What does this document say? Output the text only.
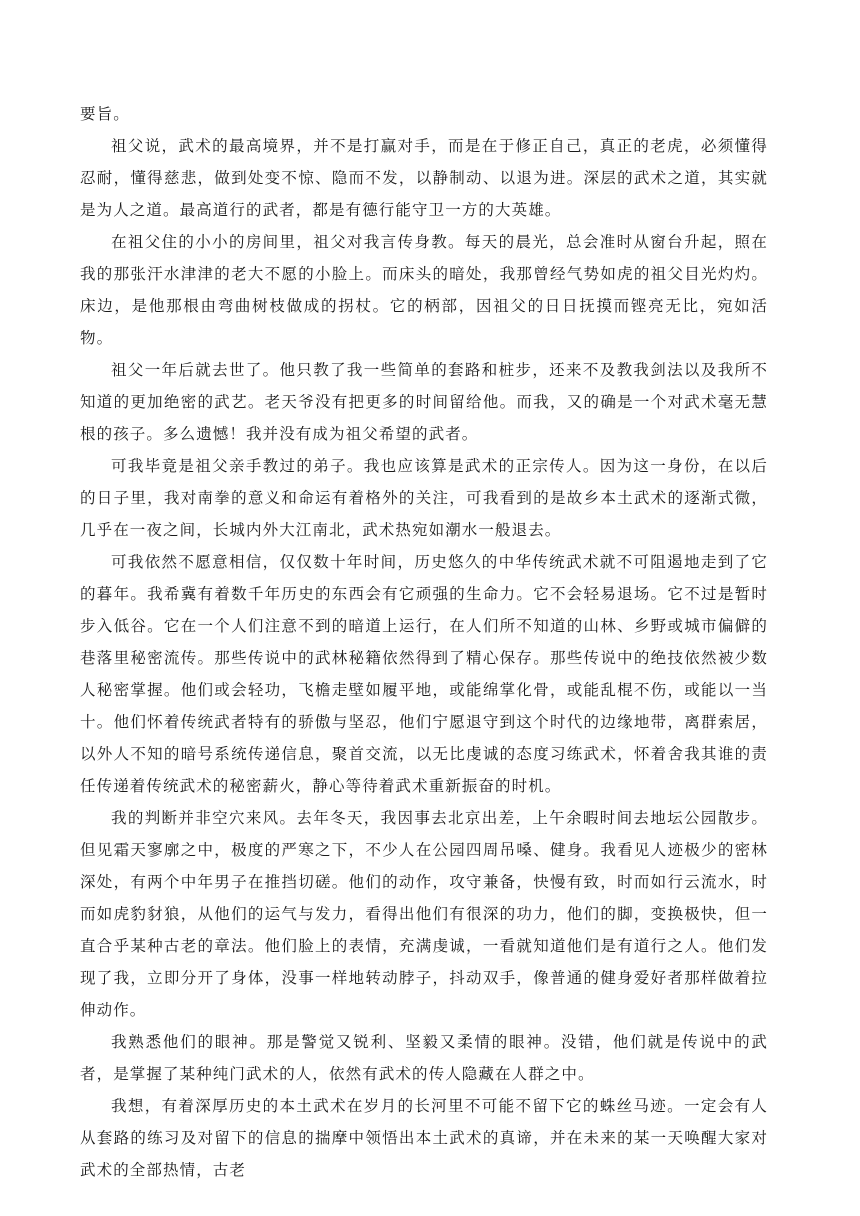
要旨。

祖父说，武术的最高境界，并不是打赢对手，而是在于修正自己，真正的老虎，必须懂得忍耐，懂得慈悲，做到处变不惊、隐而不发，以静制动、以退为进。深层的武术之道，其实就是为人之道。最高道行的武者，都是有德行能守卫一方的大英雄。

在祖父住的小小的房间里，祖父对我言传身教。每天的晨光，总会准时从窗台升起，照在我的那张汗水津津的老大不愿的小脸上。而床头的暗处，我那曾经气势如虎的祖父目光灼灼。床边，是他那根由弯曲树枝做成的拐杖。它的柄部，因祖父的日日抚摸而铿亮无比，宛如活物。

祖父一年后就去世了。他只教了我一些简单的套路和桩步，还来不及教我剑法以及我所不知道的更加绝密的武艺。老天爷没有把更多的时间留给他。而我，又的确是一个对武术毫无慧根的孩子。多么遗憾！我并没有成为祖父希望的武者。

可我毕竟是祖父亲手教过的弟子。我也应该算是武术的正宗传人。因为这一身份，在以后的日子里，我对南拳的意义和命运有着格外的关注，可我看到的是故乡本土武术的逐渐式微，几乎在一夜之间，长城内外大江南北，武术热宛如潮水一般退去。

可我依然不愿意相信，仅仅数十年时间，历史悠久的中华传统武术就不可阻遏地走到了它的暮年。我希冀有着数千年历史的东西会有它顽强的生命力。它不会轻易退场。它不过是暂时步入低谷。它在一个人们注意不到的暗道上运行，在人们所不知道的山林、乡野或城市偏僻的巷落里秘密流传。那些传说中的武林秘籍依然得到了精心保存。那些传说中的绝技依然被少数人秘密掌握。他们或会轻功，飞檐走壁如履平地，或能绵掌化骨，或能乱棍不伤，或能以一当十。他们怀着传统武者特有的骄傲与坚忍，他们宁愿退守到这个时代的边缘地带，离群索居，以外人不知的暗号系统传递信息，聚首交流，以无比虔诚的态度习练武术，怀着舍我其谁的责任传递着传统武术的秘密薪火，静心等待着武术重新振奋的时机。

我的判断并非空穴来风。去年冬天，我因事去北京出差，上午余暇时间去地坛公园散步。但见霜天寥廓之中，极度的严寒之下，不少人在公园四周吊嗓、健身。我看见人迹极少的密林深处，有两个中年男子在推挡切磋。他们的动作，攻守兼备，快慢有致，时而如行云流水，时而如虎豹豺狼，从他们的运气与发力，看得出他们有很深的功力，他们的脚，变换极快，但一直合乎某种古老的章法。他们脸上的表情，充满虔诚，一看就知道他们是有道行之人。他们发现了我，立即分开了身体，没事一样地转动脖子，抖动双手，像普通的健身爱好者那样做着拉伸动作。

我熟悉他们的眼神。那是警觉又锐利、坚毅又柔情的眼神。没错，他们就是传说中的武者，是掌握了某种纯门武术的人，依然有武术的传人隐藏在人群之中。

我想，有着深厚历史的本土武术在岁月的长河里不可能不留下它的蛛丝马迹。一定会有人从套路的练习及对留下的信息的揣摩中领悟出本土武术的真谛，并在未来的某一天唤醒大家对武术的全部热情，古老
